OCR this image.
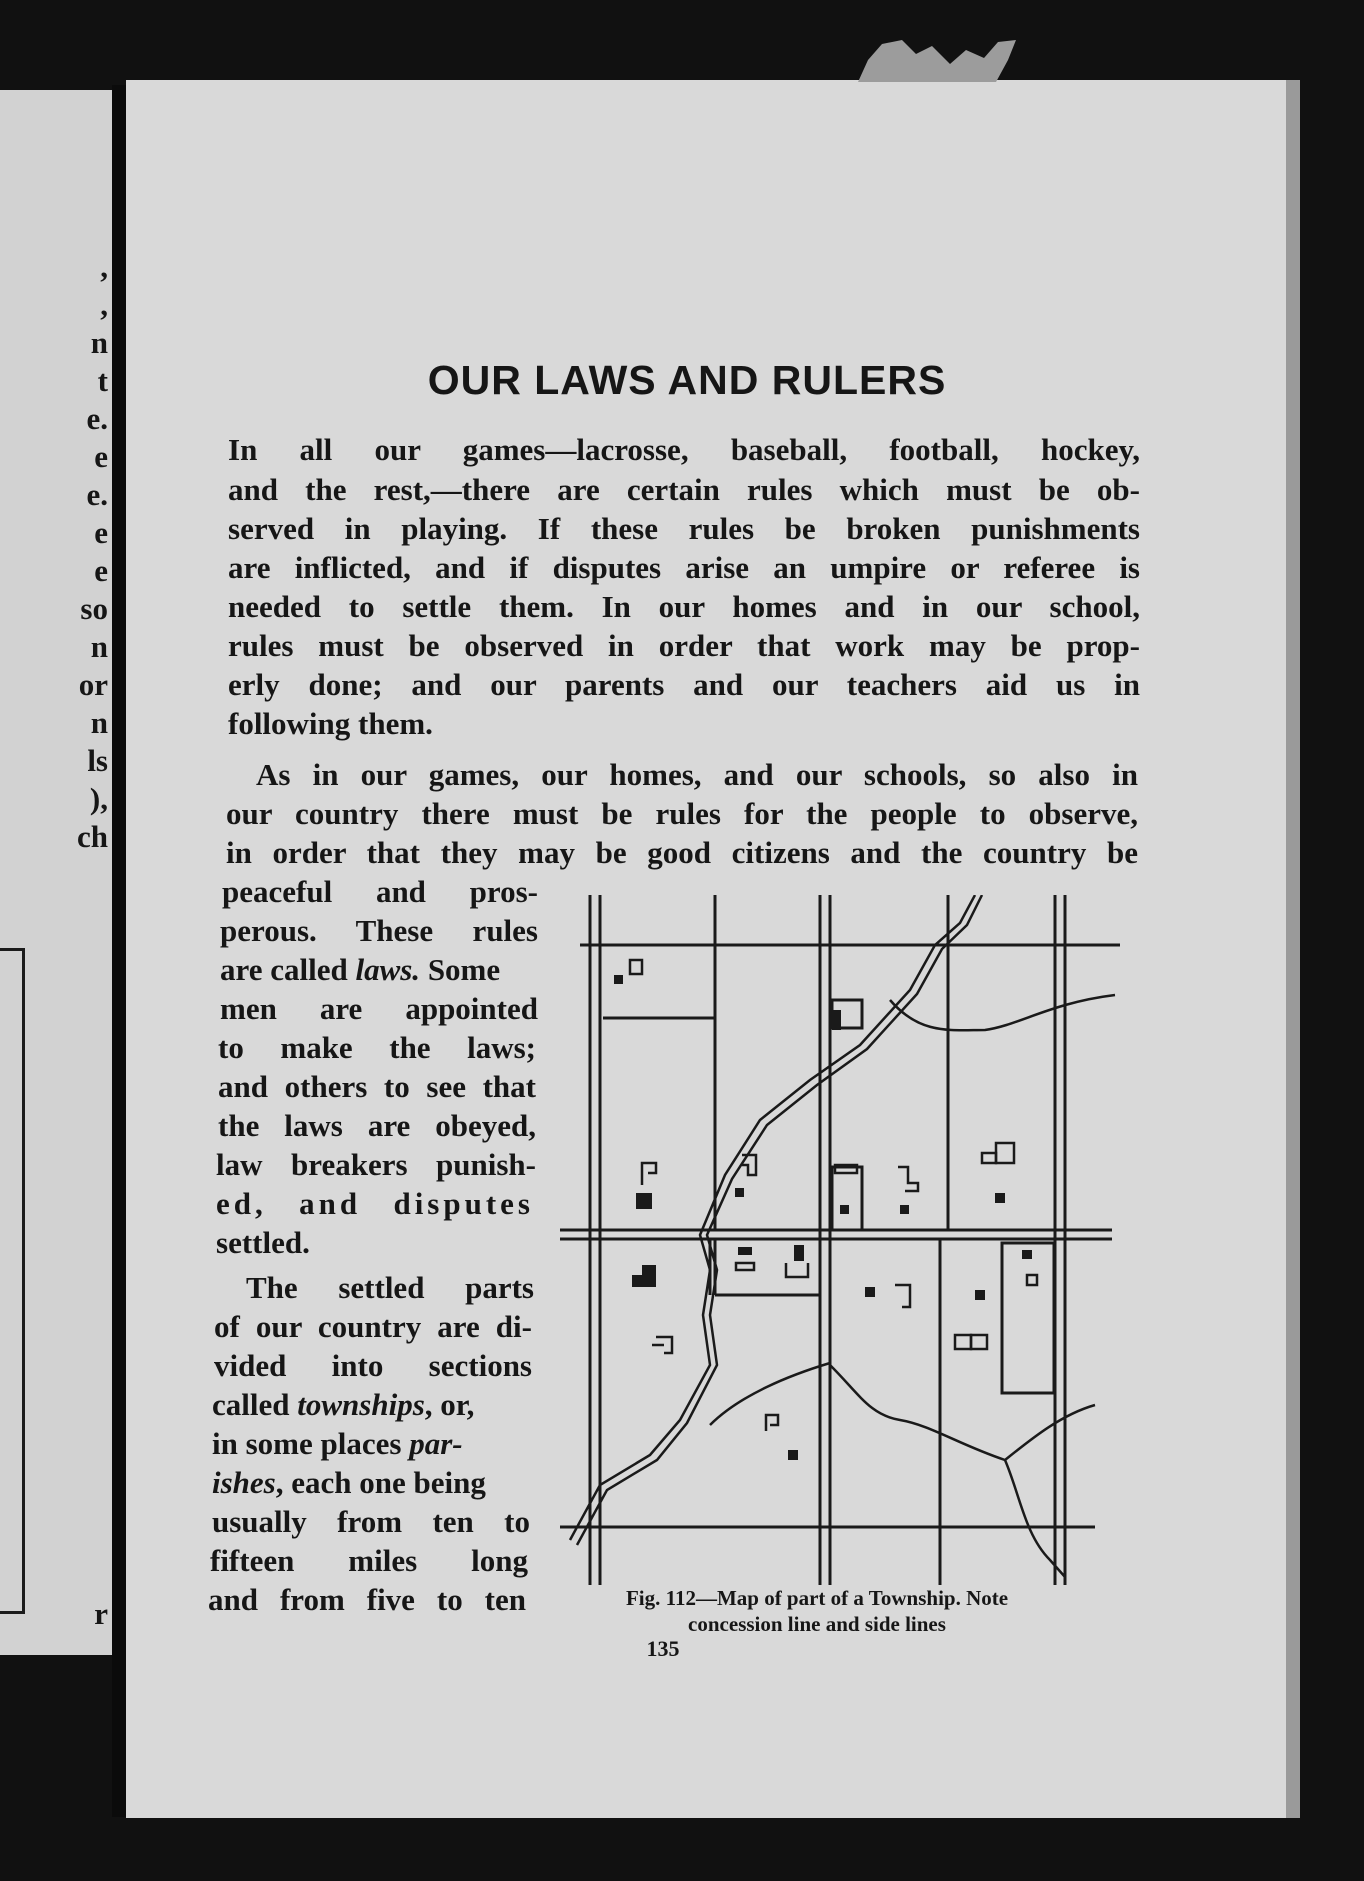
,
,
n
t
e.
e
e.
e
e
so
n
or
n
ls
),
ch
r
OUR LAWS AND RULERS
In all our games—lacrosse, baseball, football, hockey,
and the rest,—there are certain rules which must be ob-
served in playing. If these rules be broken punishments
are inflicted, and if disputes arise an umpire or referee is
needed to settle them. In our homes and in our school,
rules must be observed in order that work may be prop-
erly done; and our parents and our teachers aid us in
following them.
As in our games, our homes, and our schools, so also in
our country there must be rules for the people to observe,
in order that they may be good citizens and the country be
peaceful and pros-
perous. These rules
are called laws. Some
men are appointed
to make the laws;
and others to see that
the laws are obeyed,
law breakers punish-
ed, and disputes
settled.
The settled parts
of our country are di-
vided into sections
called townships, or,
in some places par-
ishes, each one being
usually from ten to
fifteen miles long
and from five to ten	Fig. 112—Map of part of a Township. Note
concession line and side lines
135
